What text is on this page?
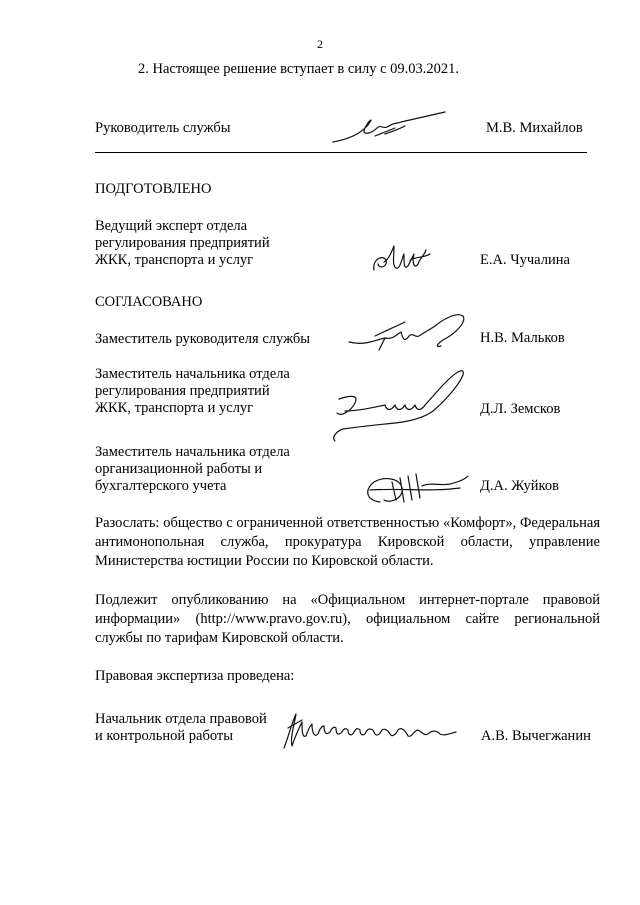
2
2. Настоящее решение вступает в силу с 09.03.2021.
Руководитель службы	М.В. Михайлов
ПОДГОТОВЛЕНО
Ведущий эксперт отдела
регулирования предприятий
ЖКК, транспорта и услуг	Е.А. Чучалина
СОГЛАСОВАНО
Заместитель руководителя службы	Н.В. Мальков
Заместитель начальника отдела
регулирования предприятий
ЖКК, транспорта и услуг	Д.Л. Земсков
Заместитель начальника отдела
организационной работы и
бухгалтерского учета	Д.А. Жуйков
Разослать: общество с ограниченной ответственностью «Комфорт», Федеральная антимонопольная служба, прокуратура Кировской области, управление Министерства юстиции России по Кировской области.
Подлежит опубликованию на «Официальном интернет-портале правовой информации» (http://www.pravo.gov.ru), официальном сайте региональной службы по тарифам Кировской области.
Правовая экспертиза проведена:
Начальник отдела правовой
и контрольной работы	А.В. Вычегжанин
